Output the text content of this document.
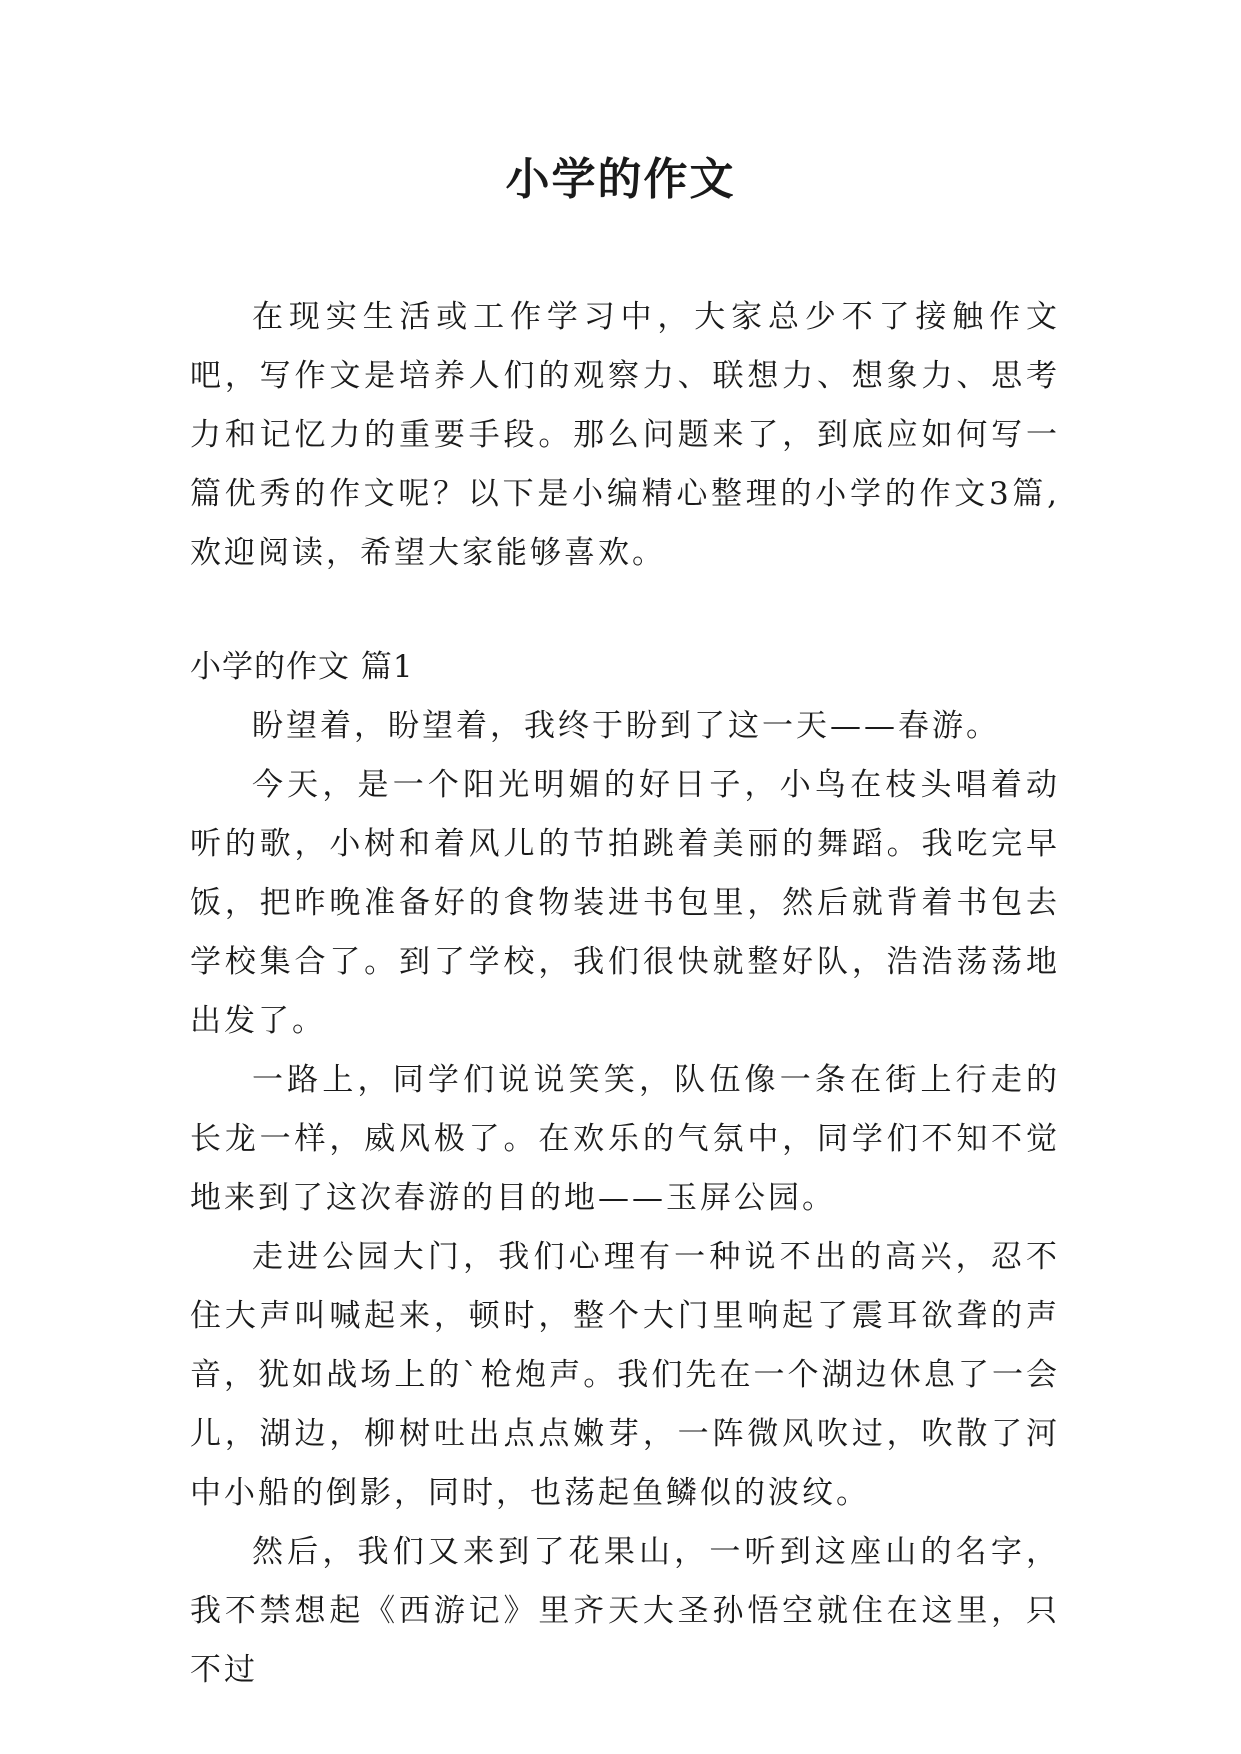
小学的作文

在现实生活或工作学习中，大家总少不了接触作文吧，写作文是培养人们的观察力、联想力、想象力、思考力和记忆力的重要手段。那么问题来了，到底应如何写一篇优秀的作文呢？以下是小编精心整理的小学的作文3篇,欢迎阅读，希望大家能够喜欢。

小学的作文 篇1

盼望着，盼望着，我终于盼到了这一天——春游。

今天，是一个阳光明媚的好日子，小鸟在枝头唱着动听的歌，小树和着风儿的节拍跳着美丽的舞蹈。我吃完早饭，把昨晚准备好的食物装进书包里，然后就背着书包去学校集合了。到了学校，我们很快就整好队，浩浩荡荡地出发了。

一路上，同学们说说笑笑，队伍像一条在街上行走的长龙一样，威风极了。在欢乐的气氛中，同学们不知不觉地来到了这次春游的目的地——玉屏公园。

走进公园大门，我们心理有一种说不出的高兴，忍不住大声叫喊起来，顿时，整个大门里响起了震耳欲聋的声音，犹如战场上的`枪炮声。我们先在一个湖边休息了一会儿，湖边，柳树吐出点点嫩芽，一阵微风吹过，吹散了河中小船的倒影，同时，也荡起鱼鳞似的波纹。

然后，我们又来到了花果山，一听到这座山的名字，我不禁想起《西游记》里齐天大圣孙悟空就住在这里，只不过
